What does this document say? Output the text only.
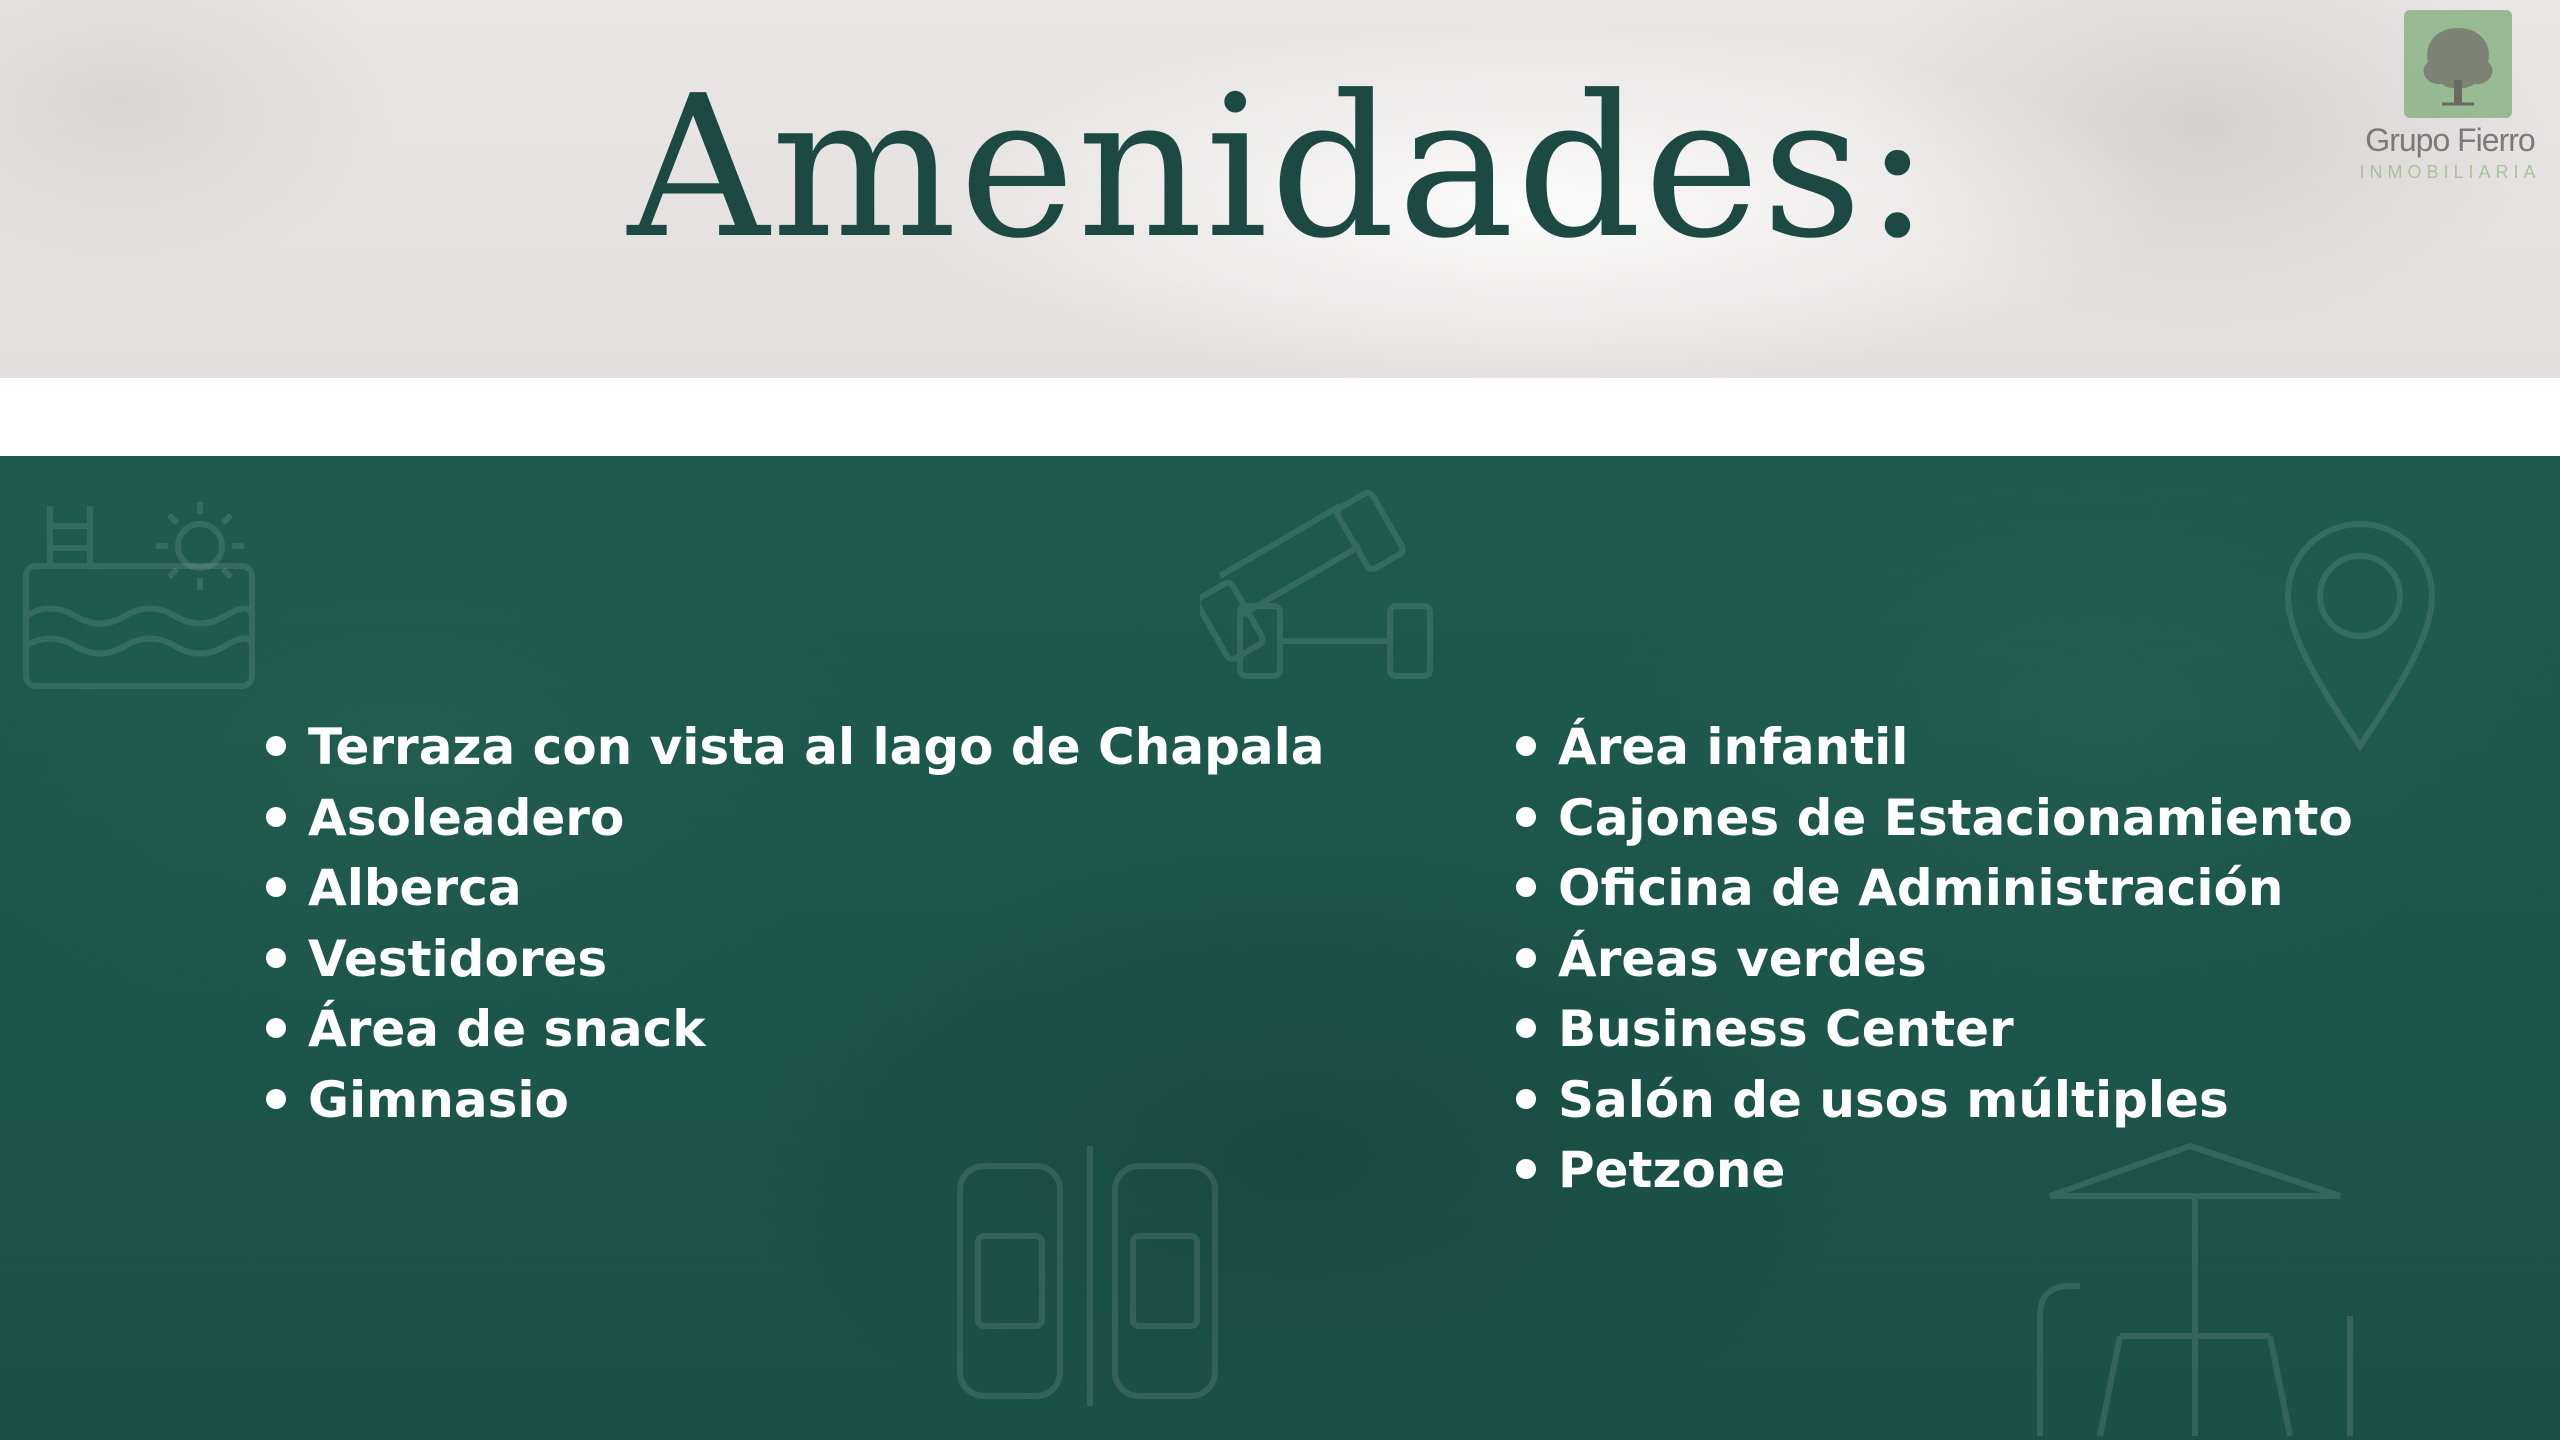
Amenidades:	Grupo Fierro
INMOBILIARIA
Terraza con vista al lago de Chapala
Asoleadero
Alberca
Vestidores
Área de snack
Gimnasio
Área infantil
Cajones de Estacionamiento
Oficina de Administración
Áreas verdes
Business Center
Salón de usos múltiples
Petzone
